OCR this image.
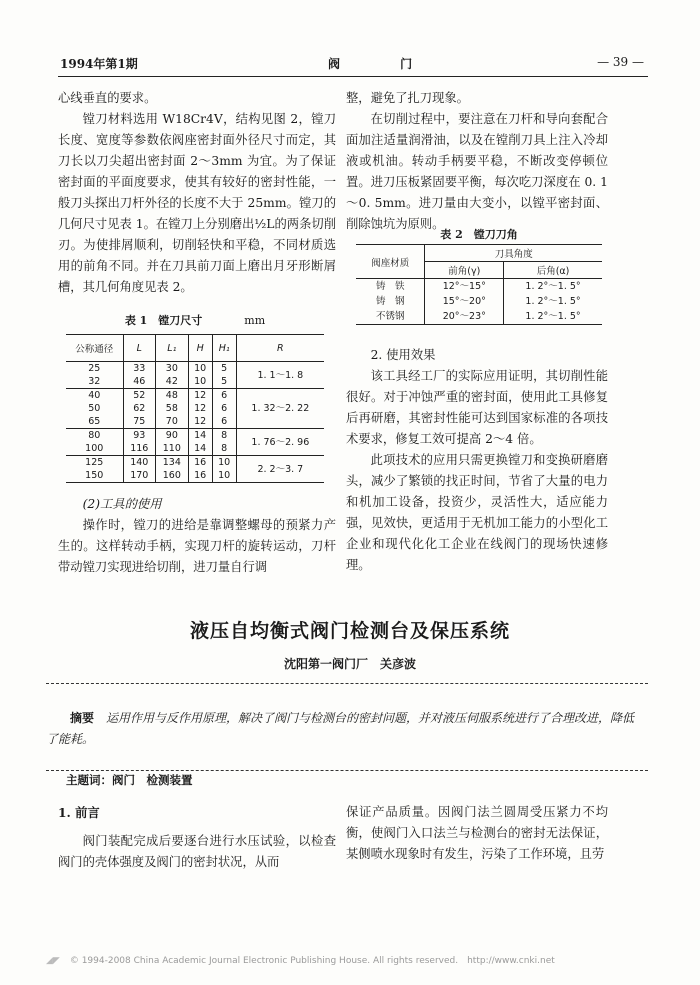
1994年第1期	阀 门	— 39 —

心线垂直的要求。

镗刀材料选用 W18Cr4V，结构见图 2，镗刀长度、宽度等参数依阀座密封面外径尺寸而定，其刀长以刀尖超出密封面 2～3mm 为宜。为了保证密封面的平面度要求，使其有较好的密封性能，一般刀头探出刀杆外径的长度不大于 25mm。镗刀的几何尺寸见表 1。在镗刀上分别磨出½L的两条切削刃。为使排屑顺利，切削轻快和平稳，不同材质选用的前角不同。并在刀具前刀面上磨出月牙形断屑槽，其几何角度见表 2。

表 1　镗刀尺寸	mm
公称通径	L	L₁	H	H₁	R
25	33	30	10	5	1. 1～1. 8
32	46	42	10	5	
40	52	48	12	6	1. 32～2. 22
50	62	58	12	6	
65	75	70	12	6	
80	93	90	14	8	1. 76～2. 96
100	116	110	14	8	
125	140	134	16	10	2. 2～3. 7
150	170	160	16	10	

(2)工具的使用

操作时，镗刀的进给是靠调整螺母的预紧力产生的。这样转动手柄，实现刀杆的旋转运动，刀杆带动镗刀实现进给切削，进刀量自行调

整，避免了扎刀现象。

在切削过程中，要注意在刀杆和导向套配合面加注适量润滑油，以及在镗削刀具上注入冷却液或机油。转动手柄要平稳，不断改变停顿位置。进刀压板紧固要平衡，每次吃刀深度在 0. 1～0. 5mm。进刀量由大变小，以镗平密封面、削除蚀坑为原则。

表 2　镗刀刀角
阀座材质	刀具角度	
	前角(γ)	后角(α)
铸　铁	12°～15°	1. 2°～1. 5°
铸　钢	15°～20°	1. 2°～1. 5°
不锈钢	20°～23°	1. 2°～1. 5°

2. 使用效果

该工具经工厂的实际应用证明，其切削性能很好。对于冲蚀严重的密封面，使用此工具修复后再研磨，其密封性能可达到国家标准的各项技术要求，修复工效可提高 2～4 倍。

此项技术的应用只需更换镗刀和变换研磨磨头，减少了繁锁的找正时间，节省了大量的电力和机加工设备，投资少，灵活性大，适应能力强，见效快，更适用于无机加工能力的小型化工企业和现代化化工企业在线阀门的现场快速修理。

液压自均衡式阀门检测台及保压系统
沈阳第一阀门厂　关彦波
摘要　 运用作用与反作用原理，解决了阀门与检测台的密封问题，并对液压伺服系统进行了合理改进，降低了能耗。
主题词：阀门　检测装置

1. 前言

阀门装配完成后要逐台进行水压试验，以检查阀门的壳体强度及阀门的密封状况，从而

保证产品质量。因阀门法兰圆周受压紧力不均衡，使阀门入口法兰与检测台的密封无法保证，某侧喷水现象时有发生，污染了工作环境，且劳

◢◤ © 1994-2008 China Academic Journal Electronic Publishing House. All rights reserved.　http://www.cnki.net
